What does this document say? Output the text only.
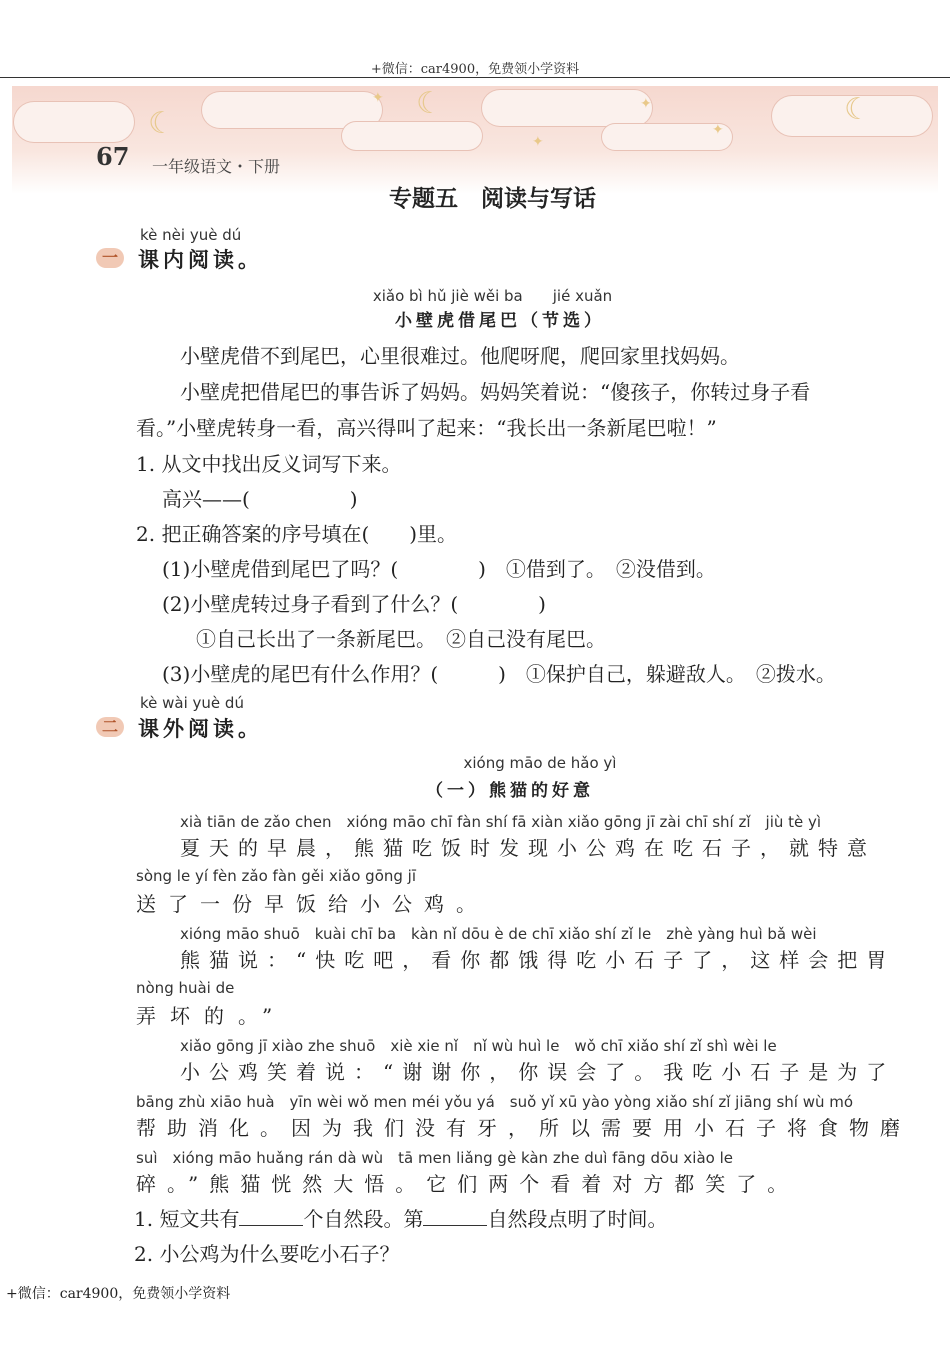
+微信：car4900，免费领小学资料
☾
☾	☾
✦
✦
✦
✦
67 一年级语文・下册
专题五　阅读与写话
kè nèi yuè dú
一 课内阅读。
xiǎo bì hǔ jiè wěi ba　　jié xuǎn
小壁虎借尾巴（节选）
小壁虎借不到尾巴，心里很难过。他爬呀爬，爬回家里找妈妈。
小壁虎把借尾巴的事告诉了妈妈。妈妈笑着说：“傻孩子，你转过身子看
看。”小壁虎转身一看，高兴得叫了起来：“我长出一条新尾巴啦！”
1. 从文中找出反义词写下来。
高兴——(　　　　　)
2. 把正确答案的序号填在(　　)里。
(1)小壁虎借到尾巴了吗？(　　　　)　①借到了。　②没借到。
(2)小壁虎转过身子看到了什么？(　　　　)
①自己长出了一条新尾巴。　②自己没有尾巴。
(3)小壁虎的尾巴有什么作用？(　　　)　①保护自己，躲避敌人。　②拨水。
kè wài yuè dú
二 课外阅读。
xióng māo de hǎo yì
（一）熊猫的好意
xià tiān de zǎo chen　xióng māo chī fàn shí fā xiàn xiǎo gōng jī zài chī shí zǐ　jiù tè yì
夏天的早晨，熊猫吃饭时发现小公鸡在吃石子，就特意
sòng le yí fèn zǎo fàn gěi xiǎo gōng jī
送了一份早饭给小公鸡。
xióng māo shuō　kuài chī ba　kàn nǐ dōu è de chī xiǎo shí zǐ le　zhè yàng huì bǎ wèi
熊猫说：“快吃吧，看你都饿得吃小石子了，这样会把胃
nòng huài de
弄坏的。”
xiǎo gōng jī xiào zhe shuō　xiè xie nǐ　nǐ wù huì le　wǒ chī xiǎo shí zǐ shì wèi le
小公鸡笑着说：“谢谢你，你误会了。我吃小石子是为了
bāng zhù xiāo huà　yīn wèi wǒ men méi yǒu yá　suǒ yǐ xū yào yòng xiǎo shí zǐ jiāng shí wù mó
帮助消化。因为我们没有牙，所以需要用小石子将食物磨
suì　xióng māo huǎng rán dà wù　tā men liǎng gè kàn zhe duì fāng dōu xiào le
碎。”熊猫恍然大悟。它们两个看着对方都笑了。
1. 短文共有	个自然段。第	自然段点明了时间。
2. 小公鸡为什么要吃小石子？
+微信：car4900，免费领小学资料
